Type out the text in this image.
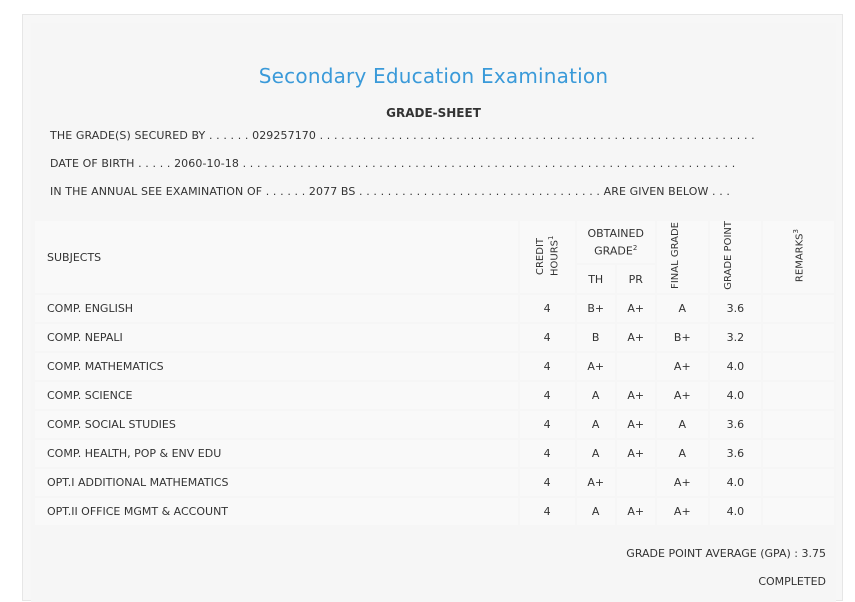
Secondary Education Examination
GRADE-SHEET
THE GRADE(S) SECURED BY . . . . . . 029257170 . . . . . . . . . . . . . . . . . . . . . . . . . . . . . . . . . . . . . . . . . . . . . . . . . . . . . . . . . . . . .
DATE OF BIRTH . . . . . 2060-10-18 . . . . . . . . . . . . . . . . . . . . . . . . . . . . . . . . . . . . . . . . . . . . . . . . . . . . . . . . . . . . . . . . . . . . .
IN THE ANNUAL SEE EXAMINATION OF . . . . . . 2077 BS . . . . . . . . . . . . . . . . . . . . . . . . . . . . . . . . . . ARE GIVEN BELOW . . .
SUBJECTS	CREDIT HOURS$^1$	OBTAINED GRADE$^2$		FINAL GRADE	GRADE POINT	REMARKS$^3$
		TH	PR			
COMP. ENGLISH	4	B+	A+	A	3.6	
COMP. NEPALI	4	B	A+	B+	3.2	
COMP. MATHEMATICS	4	A+		A+	4.0	
COMP. SCIENCE	4	A	A+	A+	4.0	
COMP. SOCIAL STUDIES	4	A	A+	A	3.6	
COMP. HEALTH, POP & ENV EDU	4	A	A+	A	3.6	
OPT.I ADDITIONAL MATHEMATICS	4	A+		A+	4.0	
OPT.II OFFICE MGMT & ACCOUNT	4	A	A+	A+	4.0	
GRADE POINT AVERAGE (GPA) : 3.75
COMPLETED
